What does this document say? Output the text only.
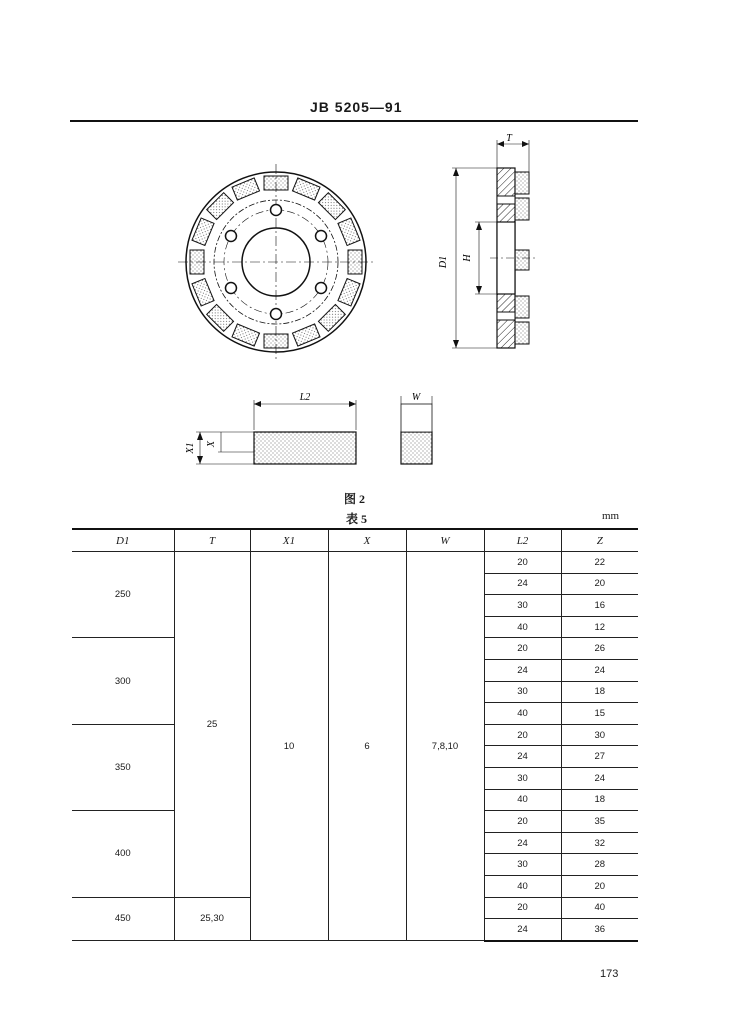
JB 5205—91
T
D1 H
L2	W
X1 X
图 2
表 5	mm
D1	T	X1	X	W	L2	Z
250	25	10	6	7,8,10	20	22
					24	20
					30	16
					40	12
300					20	26
					24	24
					30	18
					40	15
350					20	30
					24	27
					30	24
					40	18
400					20	35
					24	32
					30	28
					40	20
450	25,30				20	40
					24	36
173
